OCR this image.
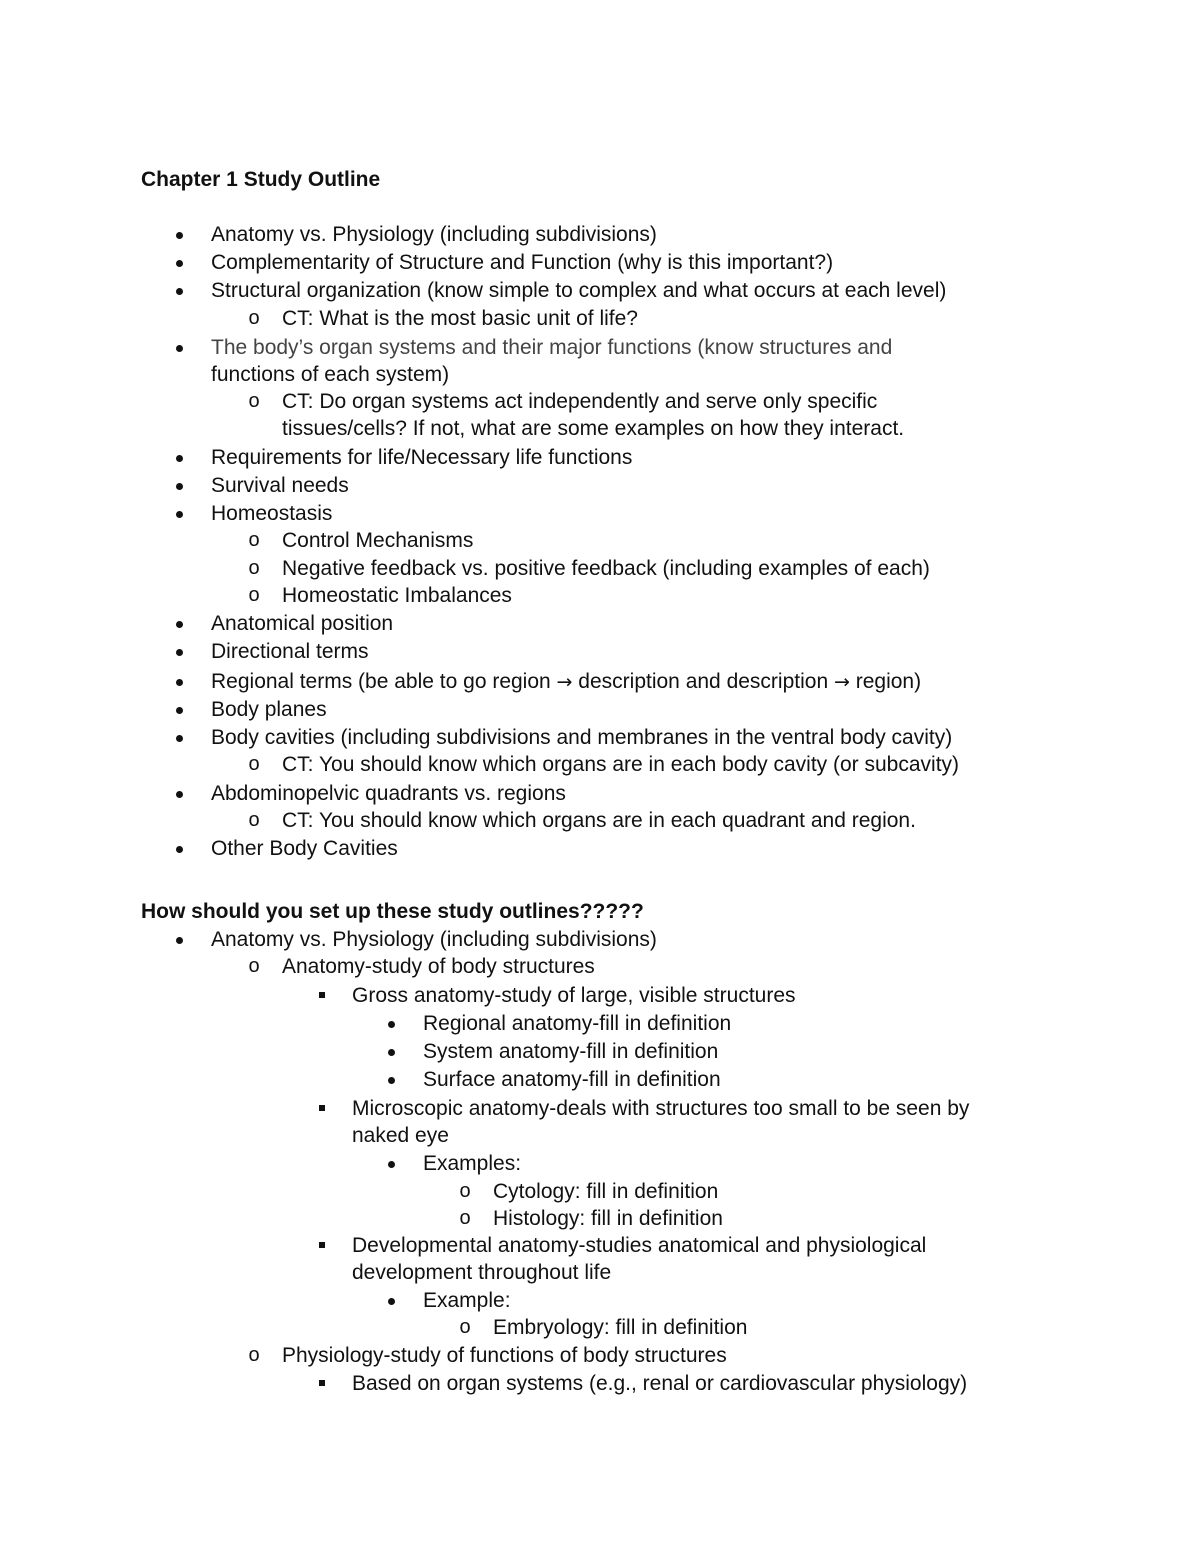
Chapter 1 Study Outline
Anatomy vs. Physiology (including subdivisions)
Complementarity of Structure and Function (why is this important?)
Structural organization (know simple to complex and what occurs at each level)
o CT: What is the most basic unit of life?
The body’s organ systems and their major functions (know structures and
functions of each system)
o CT: Do organ systems act independently and serve only specific
tissues/cells? If not, what are some examples on how they interact.
Requirements for life/Necessary life functions
Survival needs
Homeostasis
o Control Mechanisms
o Negative feedback vs. positive feedback (including examples of each)
o Homeostatic Imbalances
Anatomical position
Directional terms
Regional terms (be able to go region → description and description → region)
Body planes
Body cavities (including subdivisions and membranes in the ventral body cavity)
o CT: You should know which organs are in each body cavity (or subcavity)
Abdominopelvic quadrants vs. regions
o CT: You should know which organs are in each quadrant and region.
Other Body Cavities
How should you set up these study outlines?????
Anatomy vs. Physiology (including subdivisions)
o Anatomy-study of body structures
Gross anatomy-study of large, visible structures
Regional anatomy-fill in definition
System anatomy-fill in definition
Surface anatomy-fill in definition
Microscopic anatomy-deals with structures too small to be seen by
naked eye
Examples:
o Cytology: fill in definition
o Histology: fill in definition
Developmental anatomy-studies anatomical and physiological
development throughout life
Example:
o Embryology: fill in definition
o Physiology-study of functions of body structures
Based on organ systems (e.g., renal or cardiovascular physiology)
